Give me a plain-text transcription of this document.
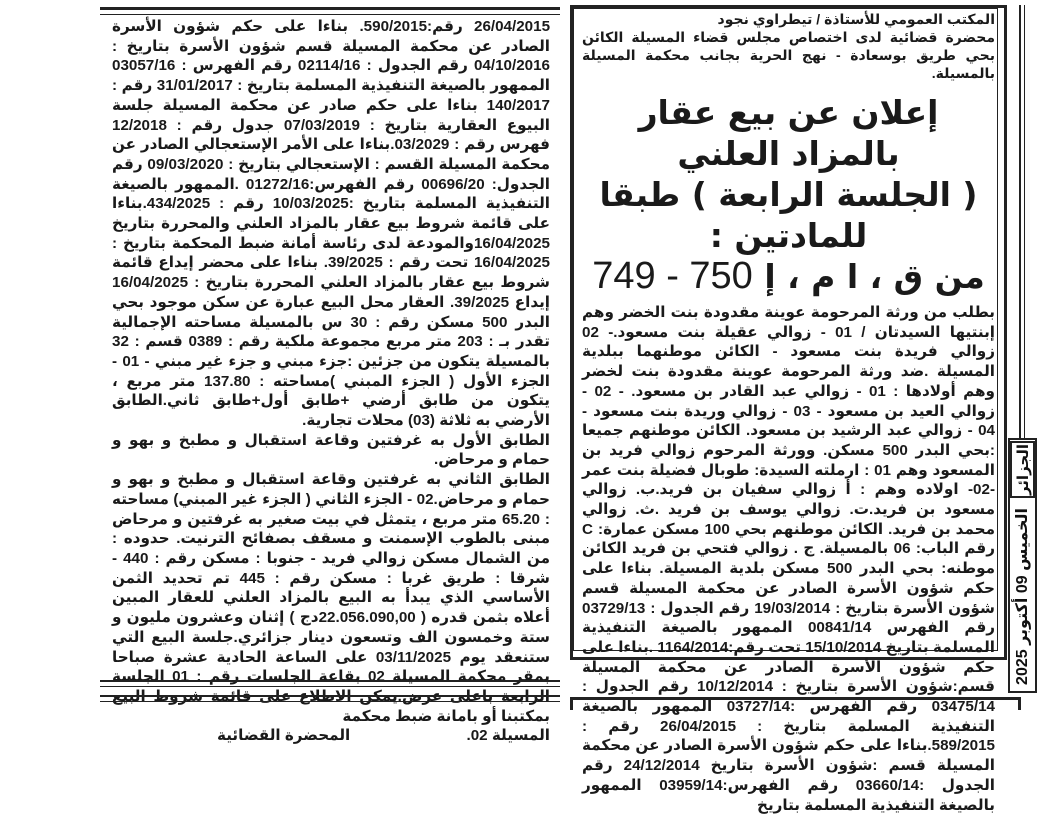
26/04/2015 رقم:590/2015. بناءا على حكم شؤون الأسرة الصادر عن محكمة المسيلة قسم شؤون الأسرة بتاريخ : 04/10/2016 رقم الجدول : 02114/16 رقم الفهرس : 03057/16 الممهور بالصيغة التنفيذية المسلمة بتاريخ : 31/01/2017 رقم : 140/2017 بناءا على حكم صادر عن محكمة المسيلة جلسة البيوع العقارية بتاريخ : 07/03/2019 جدول رقم : 12/2018 فهرس رقم : 03/2029.بناءا على الأمر الإستعجالي الصادر عن محكمة المسيلة القسم : الإستعجالي بتاريخ : 09/03/2020 رقم الجدول: 00696/20 رقم الفهرس:01272/16 .الممهور بالصيغة التنفيذية المسلمة بتاريخ :10/03/2025 رقم : 434/2025.بناءا على قائمة شروط بيع عقار بالمزاد العلني والمحررة بتاريخ 16/04/2025والمودعة لدى رئاسة أمانة ضبط المحكمة بتاريخ : 16/04/2025 تحت رقم : 39/2025. بناءا على محضر إيداع قائمة شروط بيع عقار بالمزاد العلني المحررة بتاريخ : 16/04/2025 إيداع 39/2025. العقار محل البيع عبارة عن سكن موجود بحي البدر 500 مسكن رقم : 30 س بالمسيلة مساحته الإجمالية تقدر بـ : 203 متر مربع مجموعة ملكية رقم : 0389 قسم : 32 بالمسيلة يتكون من جزئين :جزء مبني و جزء غير مبني - 01 - الجزء الأول ( الجزء المبني )مساحته : 137.80 متر مربع ، يتكون من طابق أرضي +طابق أول+طابق ثاني.الطابق الأرضي به ثلاثة (03) محلات تجارية.

الطابق الأول به غرفتين وقاعة استقبال و مطبخ و بهو و حمام و مرحاض.

الطابق الثاني به غرفتين وقاعة استقبال و مطبخ و بهو و حمام و مرحاض.02 - الجزء الثاني ( الجزء غير المبني) مساحته : 65.20 متر مربع ، يتمثل في بيت صغير به غرفتين و مرحاض مبنى بالطوب الإسمنت و مسقف بصفائح الترنيت. حدوده : من الشمال مسكن زوالي فريد - جنوبا : مسكن رقم : 440 - شرقا : طريق غربا : مسكن رقم : 445 تم تحديد الثمن الأساسي الذي يبدأ به البيع بالمزاد العلني للعقار المبين أعلاه بثمن قدره ( 22.056.090,00دج ) إثنان وعشرون مليون و ستة وخمسون الف وتسعون دينار جزائري.جلسة البيع التي ستنعقد يوم 03/11/2025 على الساعة الحادية عشرة صباحا بمقر محكمة المسيلة 02 بقاعة الجلسات رقم : 01 الجلسة الرابعة باعلى عرض.يمكن الاطلاع على قائمة شروط البيع بمكتبنا أو بامانة ضبط محكمة

المسيلة 02.
المحضرة القضائية

المكتب العمومي للأستاذة / تيطراوي نجود

محضرة قضائية لدى اختصاص مجلس قضاء المسيلة الكائن بحي طريق بوسعادة - نهج الحرية بجانب محكمة المسيلة بالمسيلة.

إعلان عن بيع عقار بالمزاد العلني
( الجلسة الرابعة ) طبقا للمادتين :
من ق ، ا م ، إ 749 - 750

بطلب من ورثة المرحومة عوينة مقدودة بنت الخضر وهم إبنتيها السيدتان / 01 - زوالي عقيلة بنت مسعود.- 02 زوالي فريدة بنت مسعود - الكائن موطنهما ببلدية المسيلة .ضد ورثة المرحومة عوينة مقدودة بنت لخضر وهم أولادها : 01 - زوالي عبد القادر بن مسعود. - 02 - زوالي العيد بن مسعود - 03 - زوالي وريدة بنت مسعود - 04 - زوالي عبد الرشيد بن مسعود. الكائن موطنهم جميعا :بحي البدر 500 مسكن. وورثة المرحوم زوالي فريد بن المسعود وهم 01 : ارملته السيدة: طوبال فضيلة بنت عمر -02- اولاده وهم : أ زوالي سفيان بن فريد.ب. زوالي مسعود بن فريد.ت. زوالي يوسف بن فريد .ث. زوالي محمد بن فريد. الكائن موطنهم بحي 100 مسكن عمارة: C رقم الباب: 06 بالمسيلة. ج . زوالي فتحي بن فريد الكائن موطنه: بحي البدر 500 مسكن بلدية المسيلة. بناءا على حكم شؤون الأسرة الصادر عن محكمة المسيلة قسم شؤون الأسرة بتاريخ : 19/03/2014 رقم الجدول : 03729/13 رقم الفهرس 00841/14 الممهور بالصيغة التنفيذية المسلمة بتاريخ 15/10/2014 تحت رقم:1164/2014 .بناءا على حكم شؤون الأسرة الصادر عن محكمة المسيلة قسم:شؤون الأسرة بتاريخ : 10/12/2014 رقم الجدول : 03475/14 رقم الفهرس :03727/14 الممهور بالصيغة التنفيذية المسلمة بتاريخ : 26/04/2015 رقم : 589/2015.بناءا على حكم شؤون الأسرة الصادر عن محكمة المسيلة قسم :شؤون الأسرة بتاريخ 24/12/2014 رقم الجدول :03660/14 رقم الفهرس:03959/14 الممهور بالصيغة التنفيذية المسلمة بتاريخ

الجزائر
الخميس 09 أكتوبر 2025
